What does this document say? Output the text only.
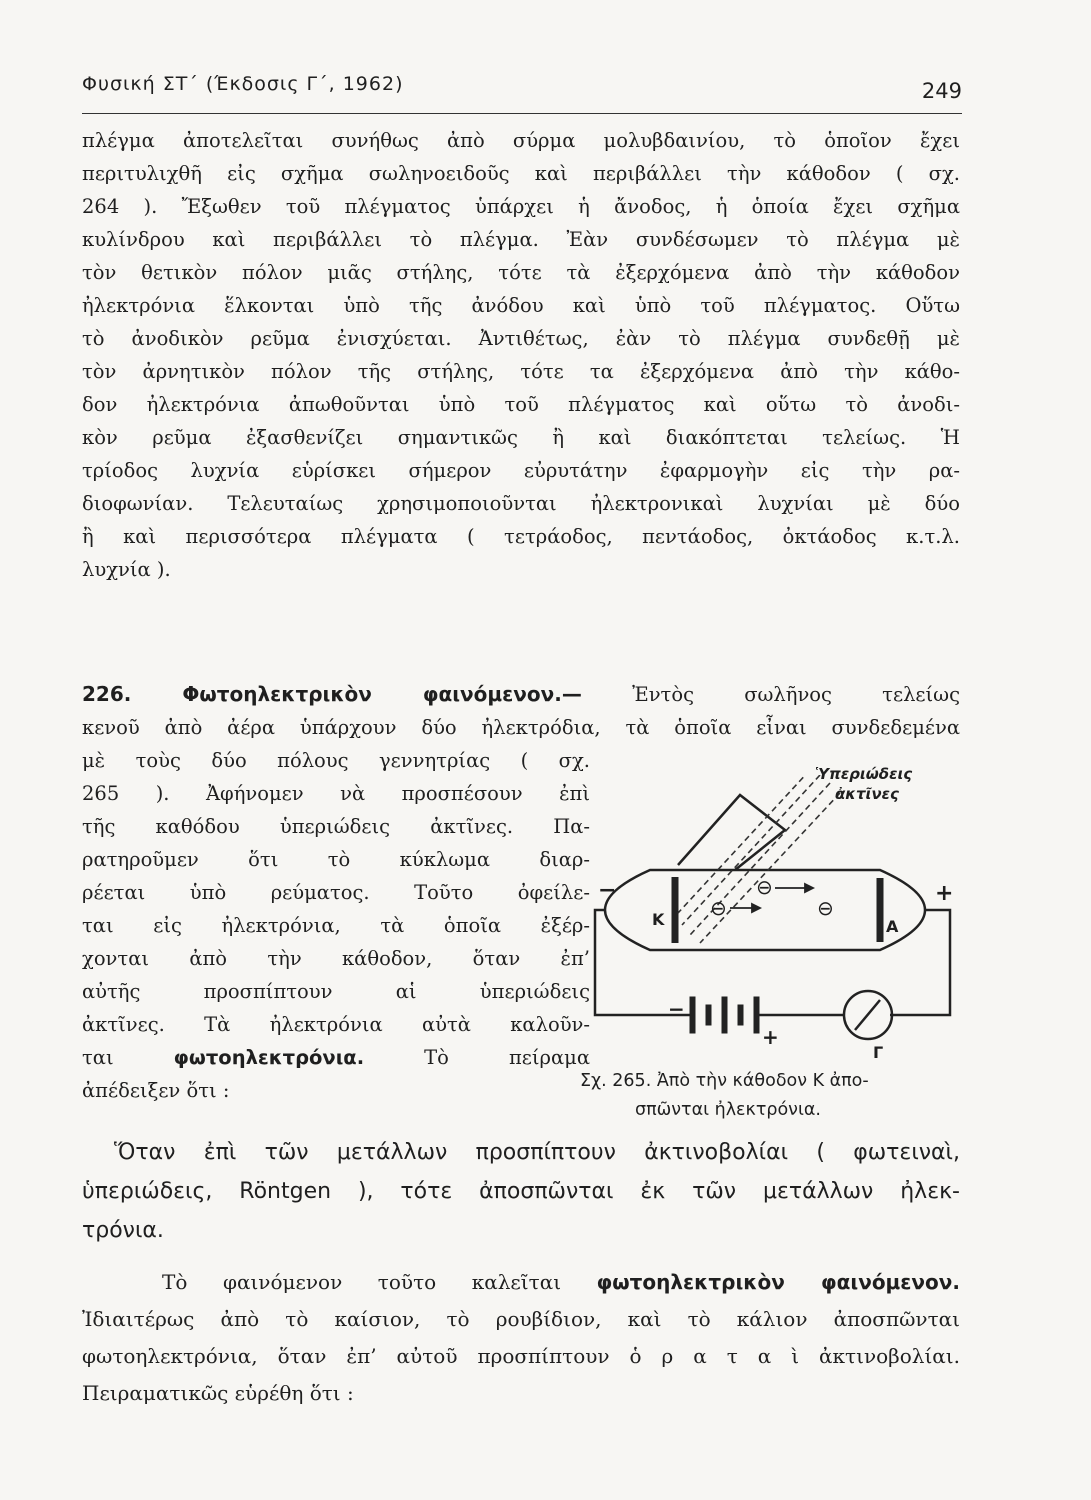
Φυσική ΣΤ΄ (Έκδοσις Γ΄, 1962)	249
πλέγμα ἀποτελεῖται συνήθως ἀπὸ σύρμα μολυβδαινίου, τὸ ὁποῖον ἔχει
περιτυλιχθῆ εἰς σχῆμα σωληνοειδοῦς καὶ περιβάλλει τὴν κάθοδον ( σχ.
264 ). Ἔξωθεν τοῦ πλέγματος ὑπάρχει ἡ ἄνοδος, ἡ ὁποία ἔχει σχῆμα
κυλίνδρου καὶ περιβάλλει τὸ πλέγμα. Ἐὰν συνδέσωμεν τὸ πλέγμα μὲ
τὸν θετικὸν πόλον μιᾶς στήλης, τότε τὰ ἐξερχόμενα ἀπὸ τὴν κάθοδον
ἠλεκτρόνια ἕλκονται ὑπὸ τῆς ἀνόδου καὶ ὑπὸ τοῦ πλέγματος. Οὕτω
τὸ ἀνοδικὸν ρεῦμα ἐνισχύεται. Ἀντιθέτως, ἐὰν τὸ πλέγμα συνδεθῇ μὲ
τὸν ἀρνητικὸν πόλον τῆς στήλης, τότε τα ἐξερχόμενα ἀπὸ τὴν κάθο-
δον ἠλεκτρόνια ἀπωθοῦνται ὑπὸ τοῦ πλέγματος καὶ οὕτω τὸ ἀνοδι-
κὸν ρεῦμα ἐξασθενίζει σημαντικῶς ἢ καὶ διακόπτεται τελείως. Ἡ
τρίοδος λυχνία εὑρίσκει σήμερον εὐρυτάτην ἐφαρμογὴν εἰς τὴν ρα-
διοφωνίαν. Τελευταίως χρησιμοποιοῦνται ἠλεκτρονικαὶ λυχνίαι μὲ δύο
ἢ καὶ περισσότερα πλέγματα ( τετράοδος, πεντάοδος, ὀκτάοδος κ.τ.λ.
λυχνία ).
226. Φωτοηλεκτρικὸν φαινόμενον.—	Ἐντὸς σωλῆνος τελείως
κενοῦ ἀπὸ ἀέρα ὑπάρχουν δύο ἠλεκτρόδια, τὰ ὁποῖα εἶναι συνδεδεμένα
μὲ τοὺς δύο πόλους γεννητρίας ( σχ.
265 ). Ἀφήνομεν νὰ προσπέσουν ἐπὶ
τῆς καθόδου ὑπεριώδεις ἀκτῖνες. Πα-
ρατηροῦμεν ὅτι τὸ κύκλωμα διαρ-
ρέεται ὑπὸ ρεύματος. Τοῦτο ὀφείλε-
ται εἰς ἠλεκτρόνια, τὰ ὁποῖα ἐξέρ-
χονται ἀπὸ τὴν κάθοδον, ὅταν ἐπ’
αὐτῆς προσπίπτουν αἱ ὑπεριώδεις
ἀκτῖνες. Τὰ ἠλεκτρόνια αὐτὰ καλοῦν-
ται	φωτοηλεκτρόνια.	Τὸ πείραμα
ἀπέδειξεν ὅτι :
Ὑπεριώδεις
ἀκτῖνες
K	A
−	+
+
−
Γ
⊖
⊖	⊖
Σχ. 265. Ἀπὸ τὴν κάθοδον Κ ἀπο-
σπῶνται ἠλεκτρόνια.
Ὅταν ἐπὶ τῶν μετάλλων προσπίπτουν ἀκτινοβολίαι ( φωτειναὶ,
ὑπεριώδεις, Röntgen ), τότε ἀποσπῶνται ἐκ τῶν μετάλλων ἠλεκ-
τρόνια.
Τὸ φαινόμενον τοῦτο καλεῖται φωτοηλεκτρικὸν φαινόμενον.
Ἰδιαιτέρως ἀπὸ τὸ καίσιον, τὸ ρουβίδιον, καὶ τὸ κάλιον ἀποσπῶνται
φωτοηλεκτρόνια, ὅταν ἐπ’ αὐτοῦ προσπίπτουν ὁ ρ α τ α ὶ ἀκτινοβολίαι.
Πειραματικῶς εὑρέθη ὅτι :
